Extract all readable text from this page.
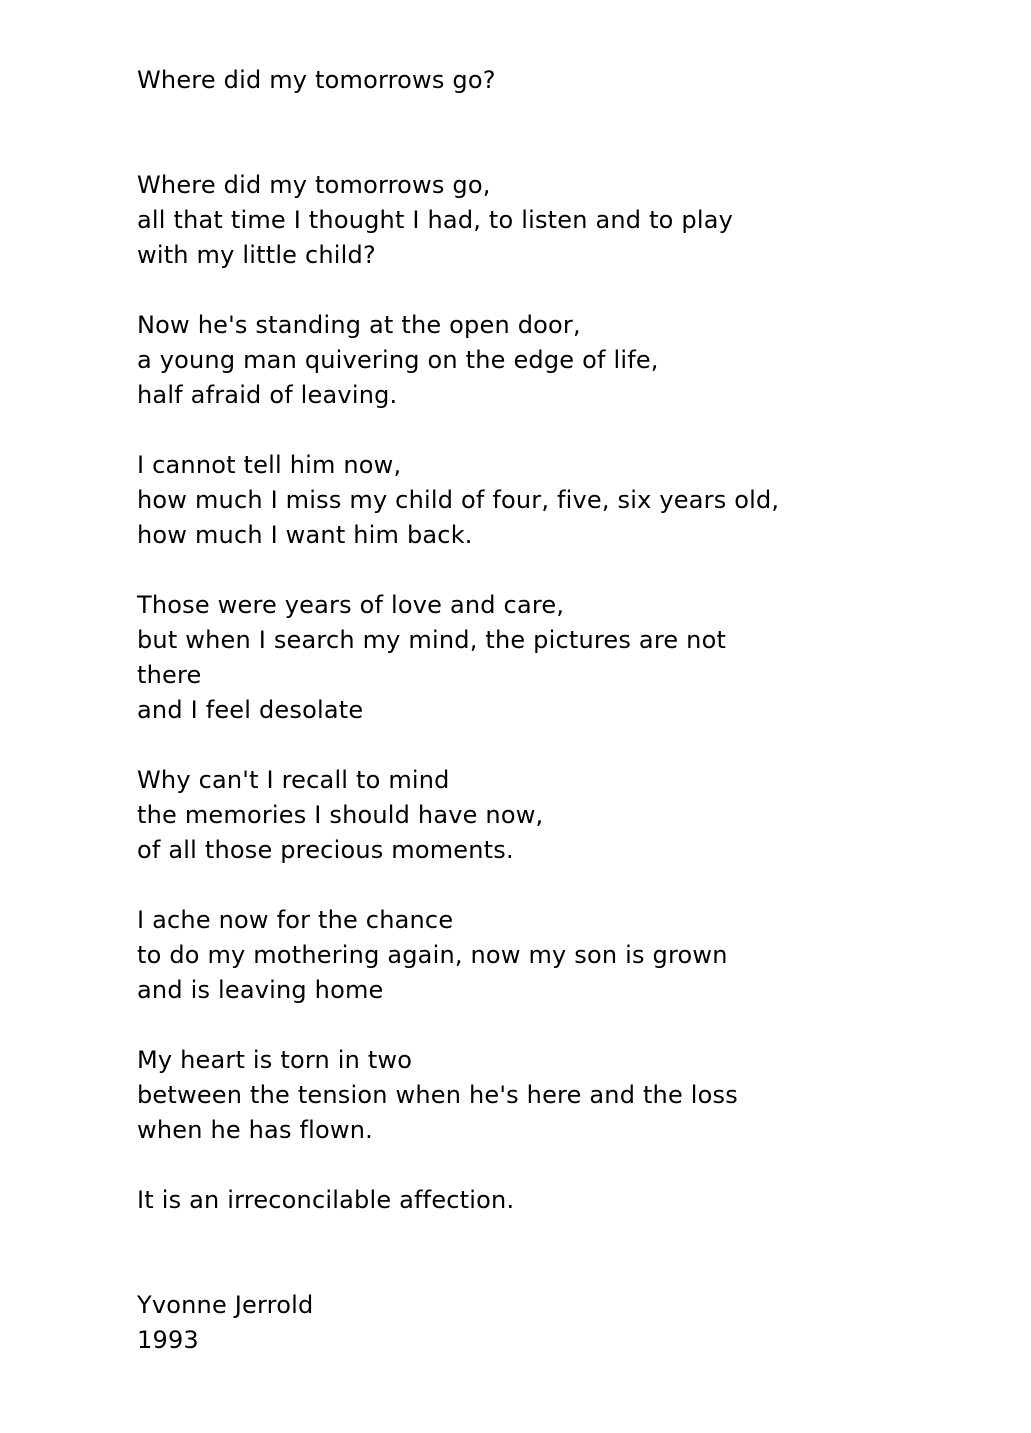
Where did my tomorrows go?

Where did my tomorrows go,

all that time I thought I had, to listen and to play

with my little child?

Now he's standing at the open door,

a young man quivering on the edge of life,

half afraid of leaving.

I cannot tell him now,

how much I miss my child of four, five, six years old,

how much I want him back.

Those were years of love and care,

but when I search my mind, the pictures are not

there

and I feel desolate

Why can't I recall to mind

the memories I should have now,

of all those precious moments.

I ache now for the chance

to do my mothering again, now my son is grown

and is leaving home

My heart is torn in two

between the tension when he's here and the loss

when he has flown.

It is an irreconcilable affection.

Yvonne Jerrold

1993
